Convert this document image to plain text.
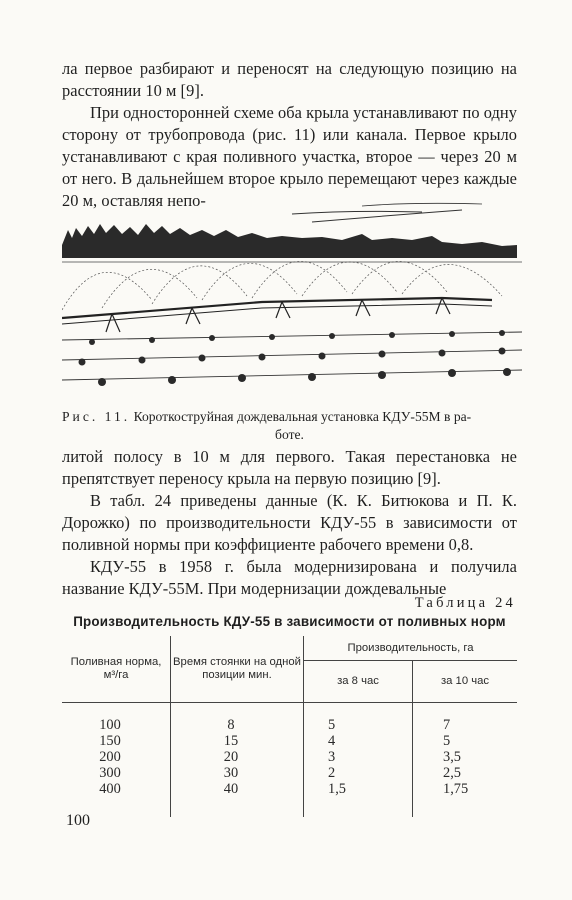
ла первое разбирают и переносят на следующую позицию на расстоянии 10 м [9].

При односторонней схеме оба крыла устанавливают по одну сторону от трубопровода (рис. 11) или канала. Первое крыло устанавливают с края поливного участка, второе — через 20 м от него. В дальнейшем второе крыло перемещают через каждые 20 м, оставляя непо-

Рис. 11. Короткоструйная дождевальная установка КДУ-55М в ра-
боте.

литой полосу в 10 м для первого. Такая перестановка не препятствует переносу крыла на первую позицию [9].

В табл. 24 приведены данные (К. К. Битюкова и П. К. Дорожко) по производительности КДУ-55 в зависимости от поливной нормы при коэффициенте рабочего времени 0,8.

КДУ-55 в 1958 г. была модернизирована и получила название КДУ-55М. При модернизации дождевальные

Таблица 24
Производительность КДУ-55 в зависимости от поливных норм
Поливная норма, м³/га	Время стоянки на одной позиции мин.	Производительность, га	
		за 8 час	за 10 час
100	8	5	7
150	15	4	5
200	20	3	3,5
300	30	2	2,5
400	40	1,5	1,75
100
